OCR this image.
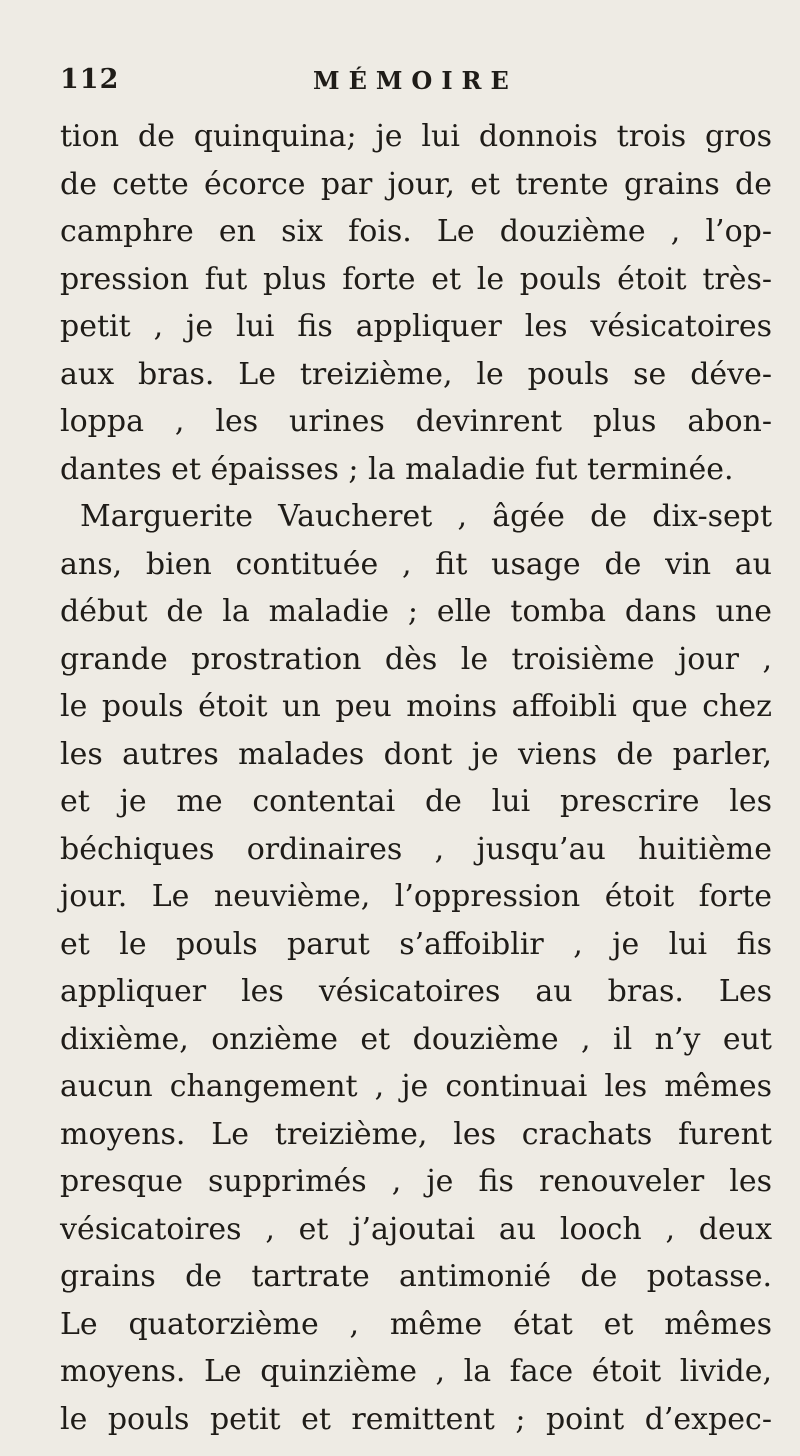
112	MÉMOIRE
tion de quinquina; je lui donnois trois gros
de cette écorce par jour, et trente grains de
camphre en six fois. Le douzième , l’op-
pression fut plus forte et le pouls étoit très-
petit , je lui fis appliquer les vésicatoires
aux bras. Le treizième, le pouls se déve-
loppa , les urines devinrent plus abon-
dantes et épaisses ; la maladie fut terminée.
Marguerite Vaucheret , âgée de dix-sept
ans, bien contituée , fit usage de vin au
début de la maladie ; elle tomba dans une
grande prostration dès le troisième jour ,
le pouls étoit un peu moins affoibli que chez
les autres malades dont je viens de parler,
et je me contentai de lui prescrire les
béchiques ordinaires , jusqu’au huitième
jour. Le neuvième, l’oppression étoit forte
et le pouls parut s’affoiblir , je lui fis
appliquer les vésicatoires au bras. Les
dixième, onzième et douzième , il n’y eut
aucun changement , je continuai les mêmes
moyens. Le treizième, les crachats furent
presque supprimés , je fis renouveler les
vésicatoires , et j’ajoutai au looch , deux
grains de tartrate antimonié de potasse.
Le quatorzième , même état et mêmes
moyens. Le quinzième , la face étoit livide,
le pouls petit et remittent ; point d’expec-
